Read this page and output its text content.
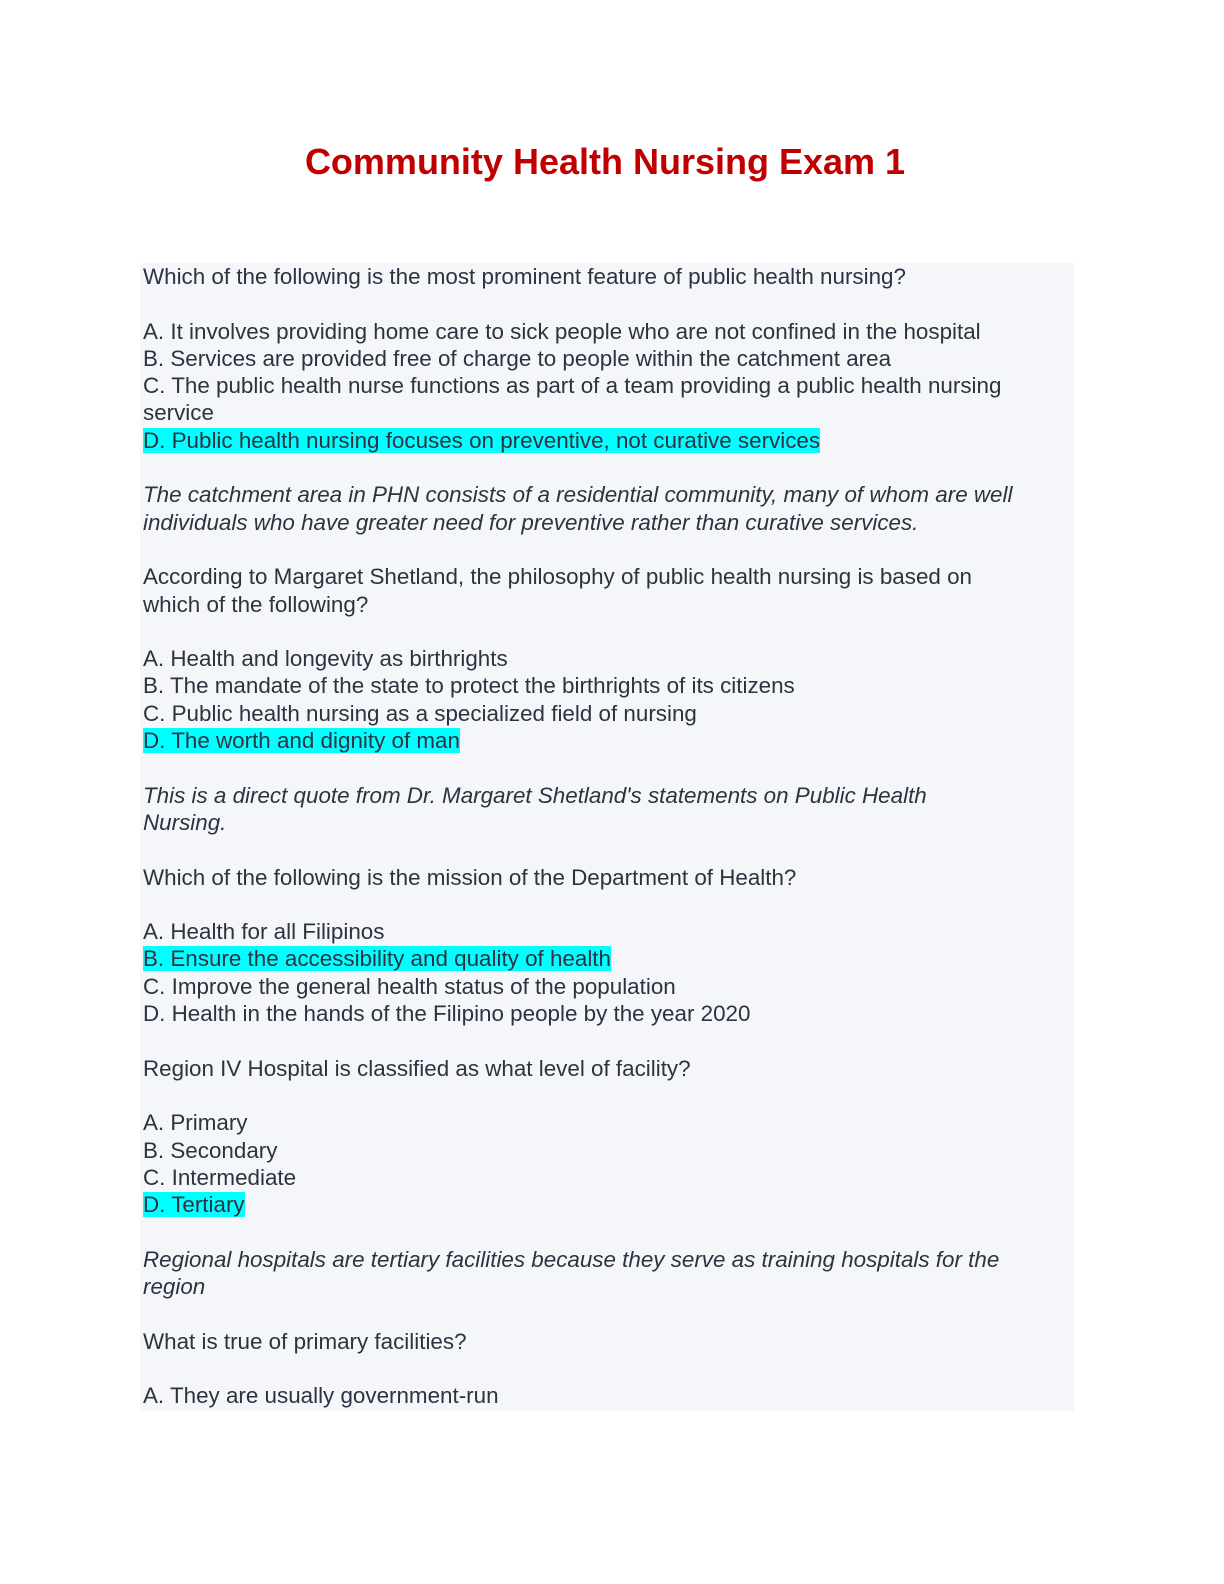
Community Health Nursing Exam 1
Which of the following is the most prominent feature of public health nursing?
A. It involves providing home care to sick people who are not confined in the hospital
B. Services are provided free of charge to people within the catchment area
C. The public health nurse functions as part of a team providing a public health nursing service
D. Public health nursing focuses on preventive, not curative services
The catchment area in PHN consists of a residential community, many of whom are well individuals who have greater need for preventive rather than curative services.
According to Margaret Shetland, the philosophy of public health nursing is based on which of the following?
A. Health and longevity as birthrights
B. The mandate of the state to protect the birthrights of its citizens
C. Public health nursing as a specialized field of nursing
D. The worth and dignity of man
This is a direct quote from Dr. Margaret Shetland's statements on Public Health Nursing.
Which of the following is the mission of the Department of Health?
A. Health for all Filipinos
B. Ensure the accessibility and quality of health
C. Improve the general health status of the population
D. Health in the hands of the Filipino people by the year 2020
Region IV Hospital is classified as what level of facility?
A. Primary
B. Secondary
C. Intermediate
D. Tertiary
Regional hospitals are tertiary facilities because they serve as training hospitals for the region
What is true of primary facilities?
A. They are usually government-run
